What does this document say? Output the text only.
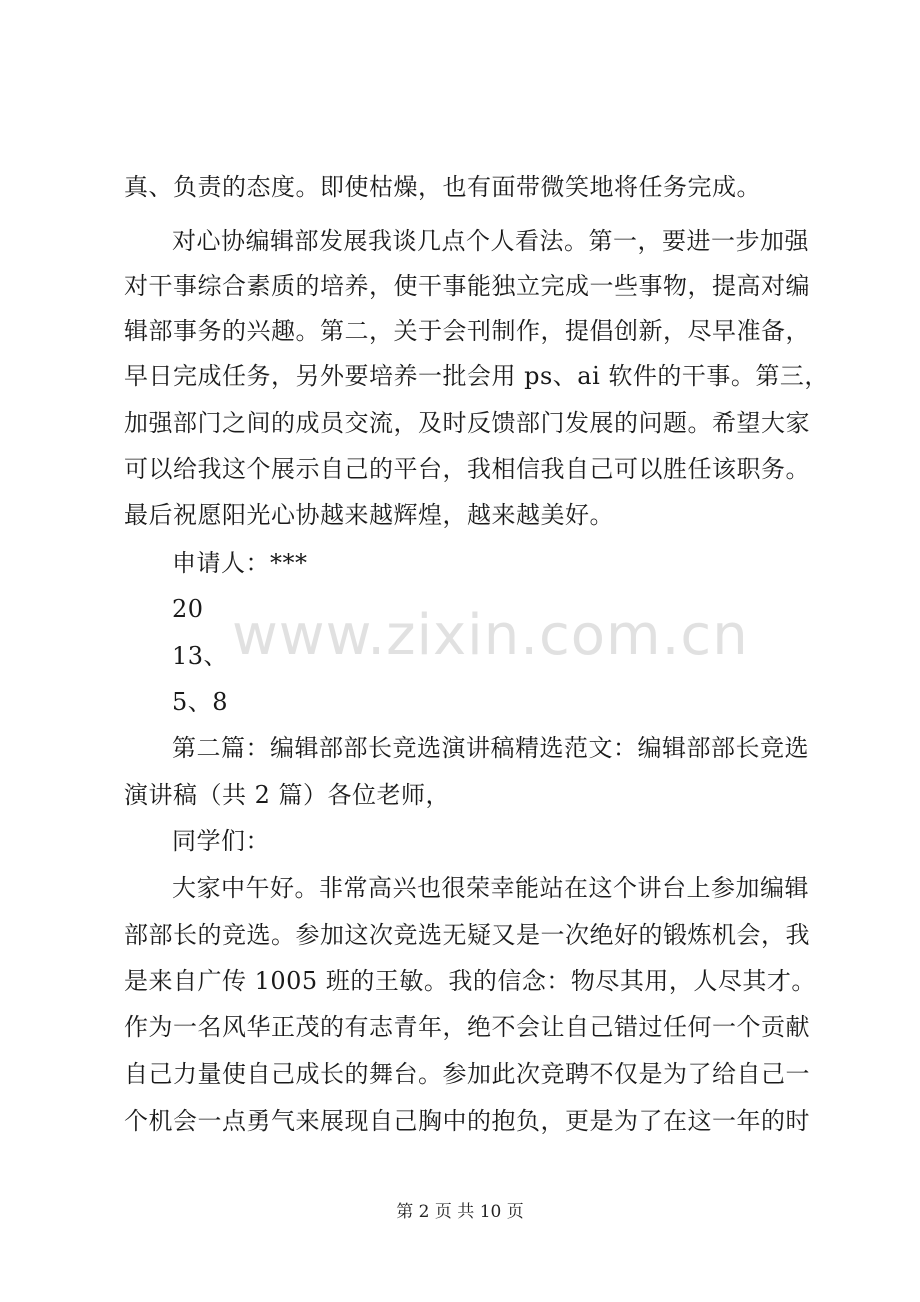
真、负责的态度。即使枯燥，也有面带微笑地将任务完成。
对心协编辑部发展我谈几点个人看法。第一，要进一步加强
对干事综合素质的培养，使干事能独立完成一些事物，提高对编
辑部事务的兴趣。第二，关于会刊制作，提倡创新，尽早准备，
早日完成任务，另外要培养一批会用 ps、ai 软件的干事。第三，
加强部门之间的成员交流，及时反馈部门发展的问题。希望大家
可以给我这个展示自己的平台，我相信我自己可以胜任该职务。
最后祝愿阳光心协越来越辉煌，越来越美好。
申请人：***
20
13、
5、8
第二篇：编辑部部长竞选演讲稿精选范文：编辑部部长竞选
演讲稿（共 2 篇）各位老师，
同学们：
大家中午好。非常高兴也很荣幸能站在这个讲台上参加编辑
部部长的竞选。参加这次竞选无疑又是一次绝好的锻炼机会，我
是来自广传 1005 班的王敏。我的信念：物尽其用，人尽其才。
作为一名风华正茂的有志青年，绝不会让自己错过任何一个贡献
自己力量使自己成长的舞台。参加此次竞聘不仅是为了给自己一
个机会一点勇气来展现自己胸中的抱负，更是为了在这一年的时
www.zixin.com.cn
第 2 页 共 10 页
